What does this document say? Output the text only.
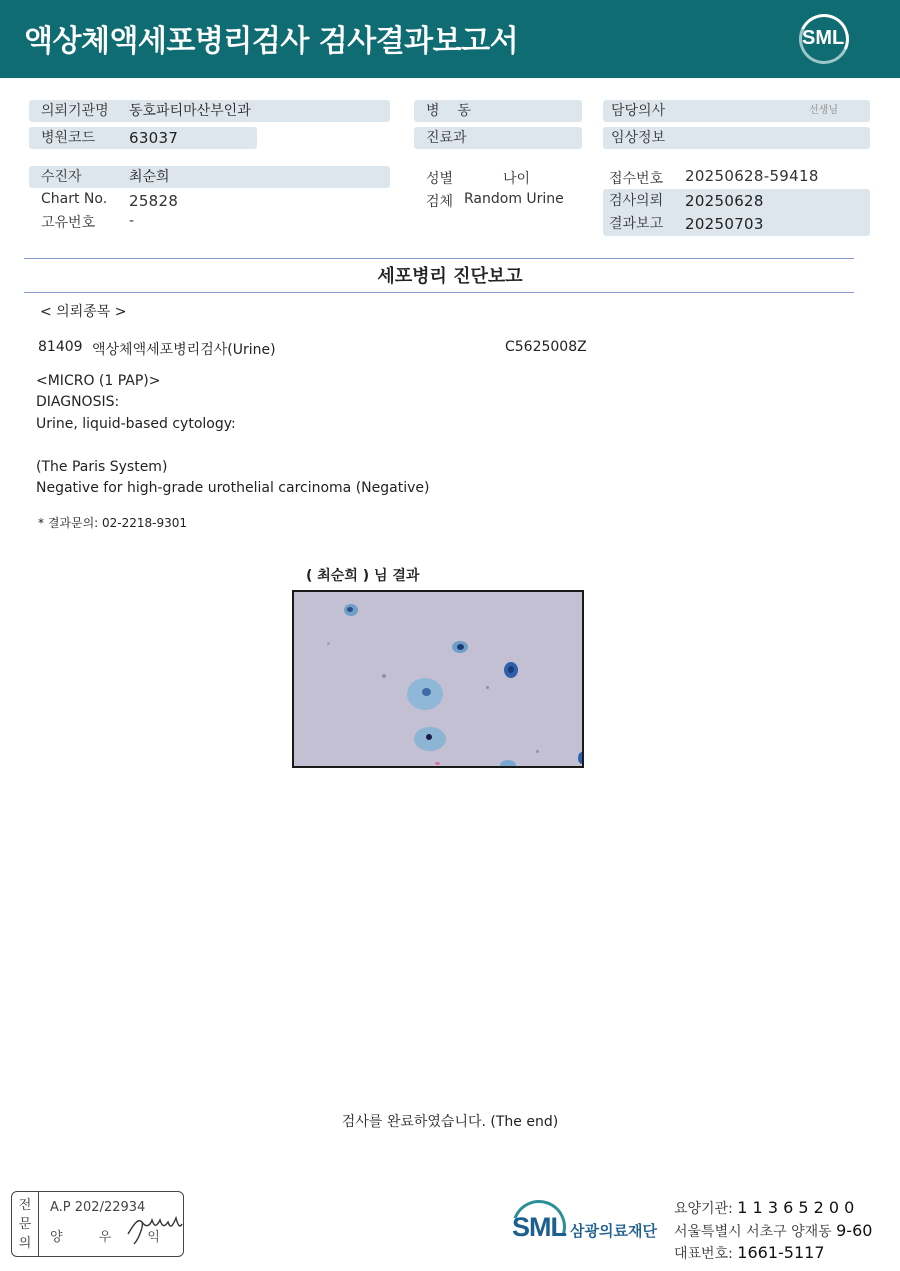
액상체액세포병리검사 검사결과보고서	SML
의뢰기관명 동호파티마산부인과	병    동	담당의사	선생님
병원코드 63037	진료과	임상정보
수진자	최순희
Chart No. 25828
고유번호 -
성별	나이
검체 Random Urine
접수번호 20250628-59418
검사의뢰 20250628
결과보고 20250703
세포병리 진단보고
< 의뢰종목 >
81409 액상체액세포병리검사(Urine)	C5625008Z
<MICRO (1 PAP)>
DIAGNOSIS:
Urine, liquid-based cytology:
(The Paris System)
Negative for high-grade urothelial carcinoma (Negative)
* 결과문의: 02-2218-9301
( 최순희 ) 님 결과
검사를 완료하였습니다. (The end)
전
문
의
A.P 202/22934
양 우 익	SML 삼광의료재단
요양기관: 1 1 3 6 5 2 0 0
서울특별시 서초구 양재동 9-60
대표번호: 1661-5117
